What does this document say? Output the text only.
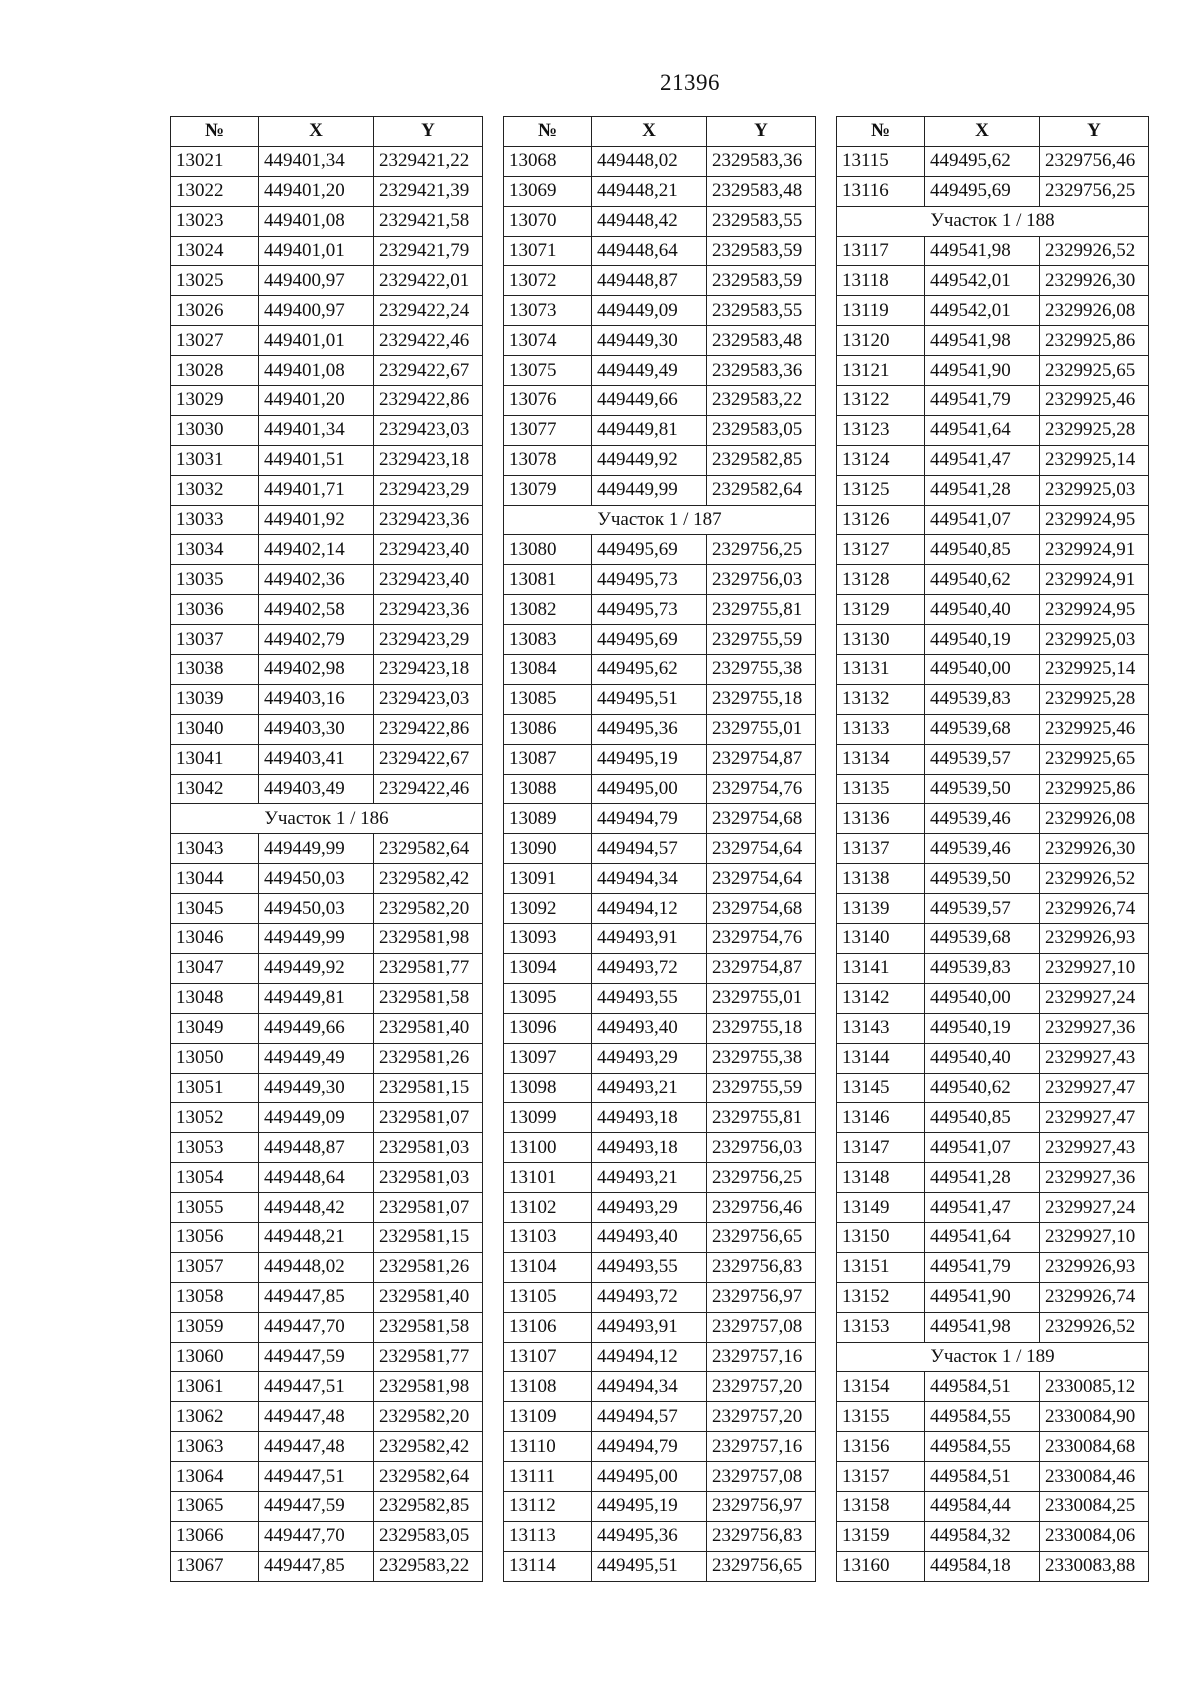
21396
№	X	Y
13021	449401,34	2329421,22
13022	449401,20	2329421,39
13023	449401,08	2329421,58
13024	449401,01	2329421,79
13025	449400,97	2329422,01
13026	449400,97	2329422,24
13027	449401,01	2329422,46
13028	449401,08	2329422,67
13029	449401,20	2329422,86
13030	449401,34	2329423,03
13031	449401,51	2329423,18
13032	449401,71	2329423,29
13033	449401,92	2329423,36
13034	449402,14	2329423,40
13035	449402,36	2329423,40
13036	449402,58	2329423,36
13037	449402,79	2329423,29
13038	449402,98	2329423,18
13039	449403,16	2329423,03
13040	449403,30	2329422,86
13041	449403,41	2329422,67
13042	449403,49	2329422,46
Участок 1 / 186		
13043	449449,99	2329582,64
13044	449450,03	2329582,42
13045	449450,03	2329582,20
13046	449449,99	2329581,98
13047	449449,92	2329581,77
13048	449449,81	2329581,58
13049	449449,66	2329581,40
13050	449449,49	2329581,26
13051	449449,30	2329581,15
13052	449449,09	2329581,07
13053	449448,87	2329581,03
13054	449448,64	2329581,03
13055	449448,42	2329581,07
13056	449448,21	2329581,15
13057	449448,02	2329581,26
13058	449447,85	2329581,40
13059	449447,70	2329581,58
13060	449447,59	2329581,77
13061	449447,51	2329581,98
13062	449447,48	2329582,20
13063	449447,48	2329582,42
13064	449447,51	2329582,64
13065	449447,59	2329582,85
13066	449447,70	2329583,05
13067	449447,85	2329583,22
№	X	Y
13068	449448,02	2329583,36
13069	449448,21	2329583,48
13070	449448,42	2329583,55
13071	449448,64	2329583,59
13072	449448,87	2329583,59
13073	449449,09	2329583,55
13074	449449,30	2329583,48
13075	449449,49	2329583,36
13076	449449,66	2329583,22
13077	449449,81	2329583,05
13078	449449,92	2329582,85
13079	449449,99	2329582,64
Участок 1 / 187		
13080	449495,69	2329756,25
13081	449495,73	2329756,03
13082	449495,73	2329755,81
13083	449495,69	2329755,59
13084	449495,62	2329755,38
13085	449495,51	2329755,18
13086	449495,36	2329755,01
13087	449495,19	2329754,87
13088	449495,00	2329754,76
13089	449494,79	2329754,68
13090	449494,57	2329754,64
13091	449494,34	2329754,64
13092	449494,12	2329754,68
13093	449493,91	2329754,76
13094	449493,72	2329754,87
13095	449493,55	2329755,01
13096	449493,40	2329755,18
13097	449493,29	2329755,38
13098	449493,21	2329755,59
13099	449493,18	2329755,81
13100	449493,18	2329756,03
13101	449493,21	2329756,25
13102	449493,29	2329756,46
13103	449493,40	2329756,65
13104	449493,55	2329756,83
13105	449493,72	2329756,97
13106	449493,91	2329757,08
13107	449494,12	2329757,16
13108	449494,34	2329757,20
13109	449494,57	2329757,20
13110	449494,79	2329757,16
13111	449495,00	2329757,08
13112	449495,19	2329756,97
13113	449495,36	2329756,83
13114	449495,51	2329756,65
№	X	Y
13115	449495,62	2329756,46
13116	449495,69	2329756,25
Участок 1 / 188		
13117	449541,98	2329926,52
13118	449542,01	2329926,30
13119	449542,01	2329926,08
13120	449541,98	2329925,86
13121	449541,90	2329925,65
13122	449541,79	2329925,46
13123	449541,64	2329925,28
13124	449541,47	2329925,14
13125	449541,28	2329925,03
13126	449541,07	2329924,95
13127	449540,85	2329924,91
13128	449540,62	2329924,91
13129	449540,40	2329924,95
13130	449540,19	2329925,03
13131	449540,00	2329925,14
13132	449539,83	2329925,28
13133	449539,68	2329925,46
13134	449539,57	2329925,65
13135	449539,50	2329925,86
13136	449539,46	2329926,08
13137	449539,46	2329926,30
13138	449539,50	2329926,52
13139	449539,57	2329926,74
13140	449539,68	2329926,93
13141	449539,83	2329927,10
13142	449540,00	2329927,24
13143	449540,19	2329927,36
13144	449540,40	2329927,43
13145	449540,62	2329927,47
13146	449540,85	2329927,47
13147	449541,07	2329927,43
13148	449541,28	2329927,36
13149	449541,47	2329927,24
13150	449541,64	2329927,10
13151	449541,79	2329926,93
13152	449541,90	2329926,74
13153	449541,98	2329926,52
Участок 1 / 189		
13154	449584,51	2330085,12
13155	449584,55	2330084,90
13156	449584,55	2330084,68
13157	449584,51	2330084,46
13158	449584,44	2330084,25
13159	449584,32	2330084,06
13160	449584,18	2330083,88
